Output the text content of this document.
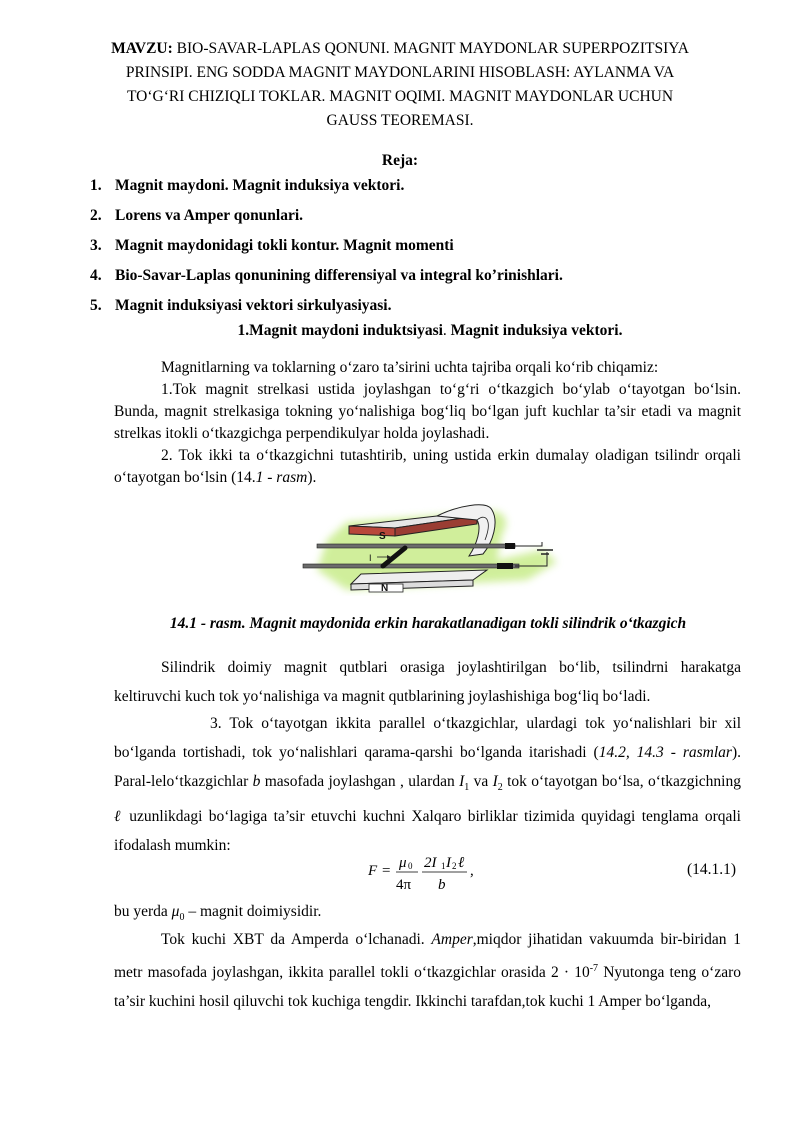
MAVZU: BIO-SAVAR-LAPLAS QONUNI. MAGNIT MAYDONLAR SUPERPOZITSIYA PRINSIPI. ENG SODDA MAGNIT MAYDONLARINI HISOBLASH: AYLANMA VA TO‘G‘RI CHIZIQLI TOKLAR. MAGNIT OQIMI. MAGNIT MAYDONLAR UCHUN GAUSS TEOREMASI.
Reja:
1. Magnit maydoni. Magnit induksiya vektori.
2. Lorens va Amper qonunlari.
3. Magnit maydonidagi tokli kontur. Magnit momenti
4. Bio-Savar-Laplas qonunining differensiyal va integral ko’rinishlari.
5. Magnit induksiyasi vektori sirkulyasiyasi.
1.Magnit maydoni induktsiyasi. Magnit induksiya vektori.
Magnitlarning va toklarning o‘zaro ta’sirini uchta tajriba orqali ko‘rib chiqamiz:
1.Tok magnit strelkasi ustida joylashgan to‘g‘ri o‘tkazgich bo‘ylab o‘tayotgan bo‘lsin. Bunda, magnit strelkasiga tokning yo‘nalishiga bog‘liq bo‘lgan juft kuchlar ta’sir etadi va magnit strelkas itokli o‘tkazgichga perpendikulyar holda joylashadi.
2. Tok ikki ta o‘tkazgichni tutashtirib, uning ustida erkin dumalay oladigan tsilindr orqali o‘tayotgan bo‘lsin (14.1 - rasm).
S
I
N
14.1 - rasm. Magnit maydonida erkin harakatlanadigan tokli silindrik o‘tkazgich
Silindrik doimiy magnit qutblari orasiga joylashtirilgan bo‘lib, tsilindrni harakatga keltiruvchi kuch tok yo‘nalishiga va magnit qutblarining joylashishiga bog‘liq bo‘ladi.
3. Tok o‘tayotgan ikkita parallel o‘tkazgichlar, ulardagi tok yo‘nalishlari bir xil bo‘lganda tortishadi, tok yo‘nalishlari qarama-qarshi bo‘lganda itarishadi (14.2, 14.3 - rasmlar). Paral-lelo‘tkazgichlar b masofada joylashgan , ulardan $I_1$ va $I_2$ tok o‘tayotgan bo‘lsa, o‘tkazgichning ℓ uzunlikdagi bo‘lagiga ta’sir etuvchi kuchni Xalqaro birliklar tizimida quyidagi tenglama orqali ifodalash mumkin:
F = μ 0
4π
2I 1 I 2 ℓ
b
,	(14.1.1)
bu yerda $\mu_0$ – magnit doimiysidir.
Tok kuchi XBT da Amperda o‘lchanadi. Amper,miqdor jihatidan vakuumda bir-biridan 1 metr masofada joylashgan, ikkita parallel tokli o‘tkazgichlar orasida $2 \cdot 10^{-7}$ Nyutonga teng o‘zaro ta’sir kuchini hosil qiluvchi tok kuchiga tengdir. Ikkinchi tarafdan,tok kuchi 1 Amper bo‘lganda,
